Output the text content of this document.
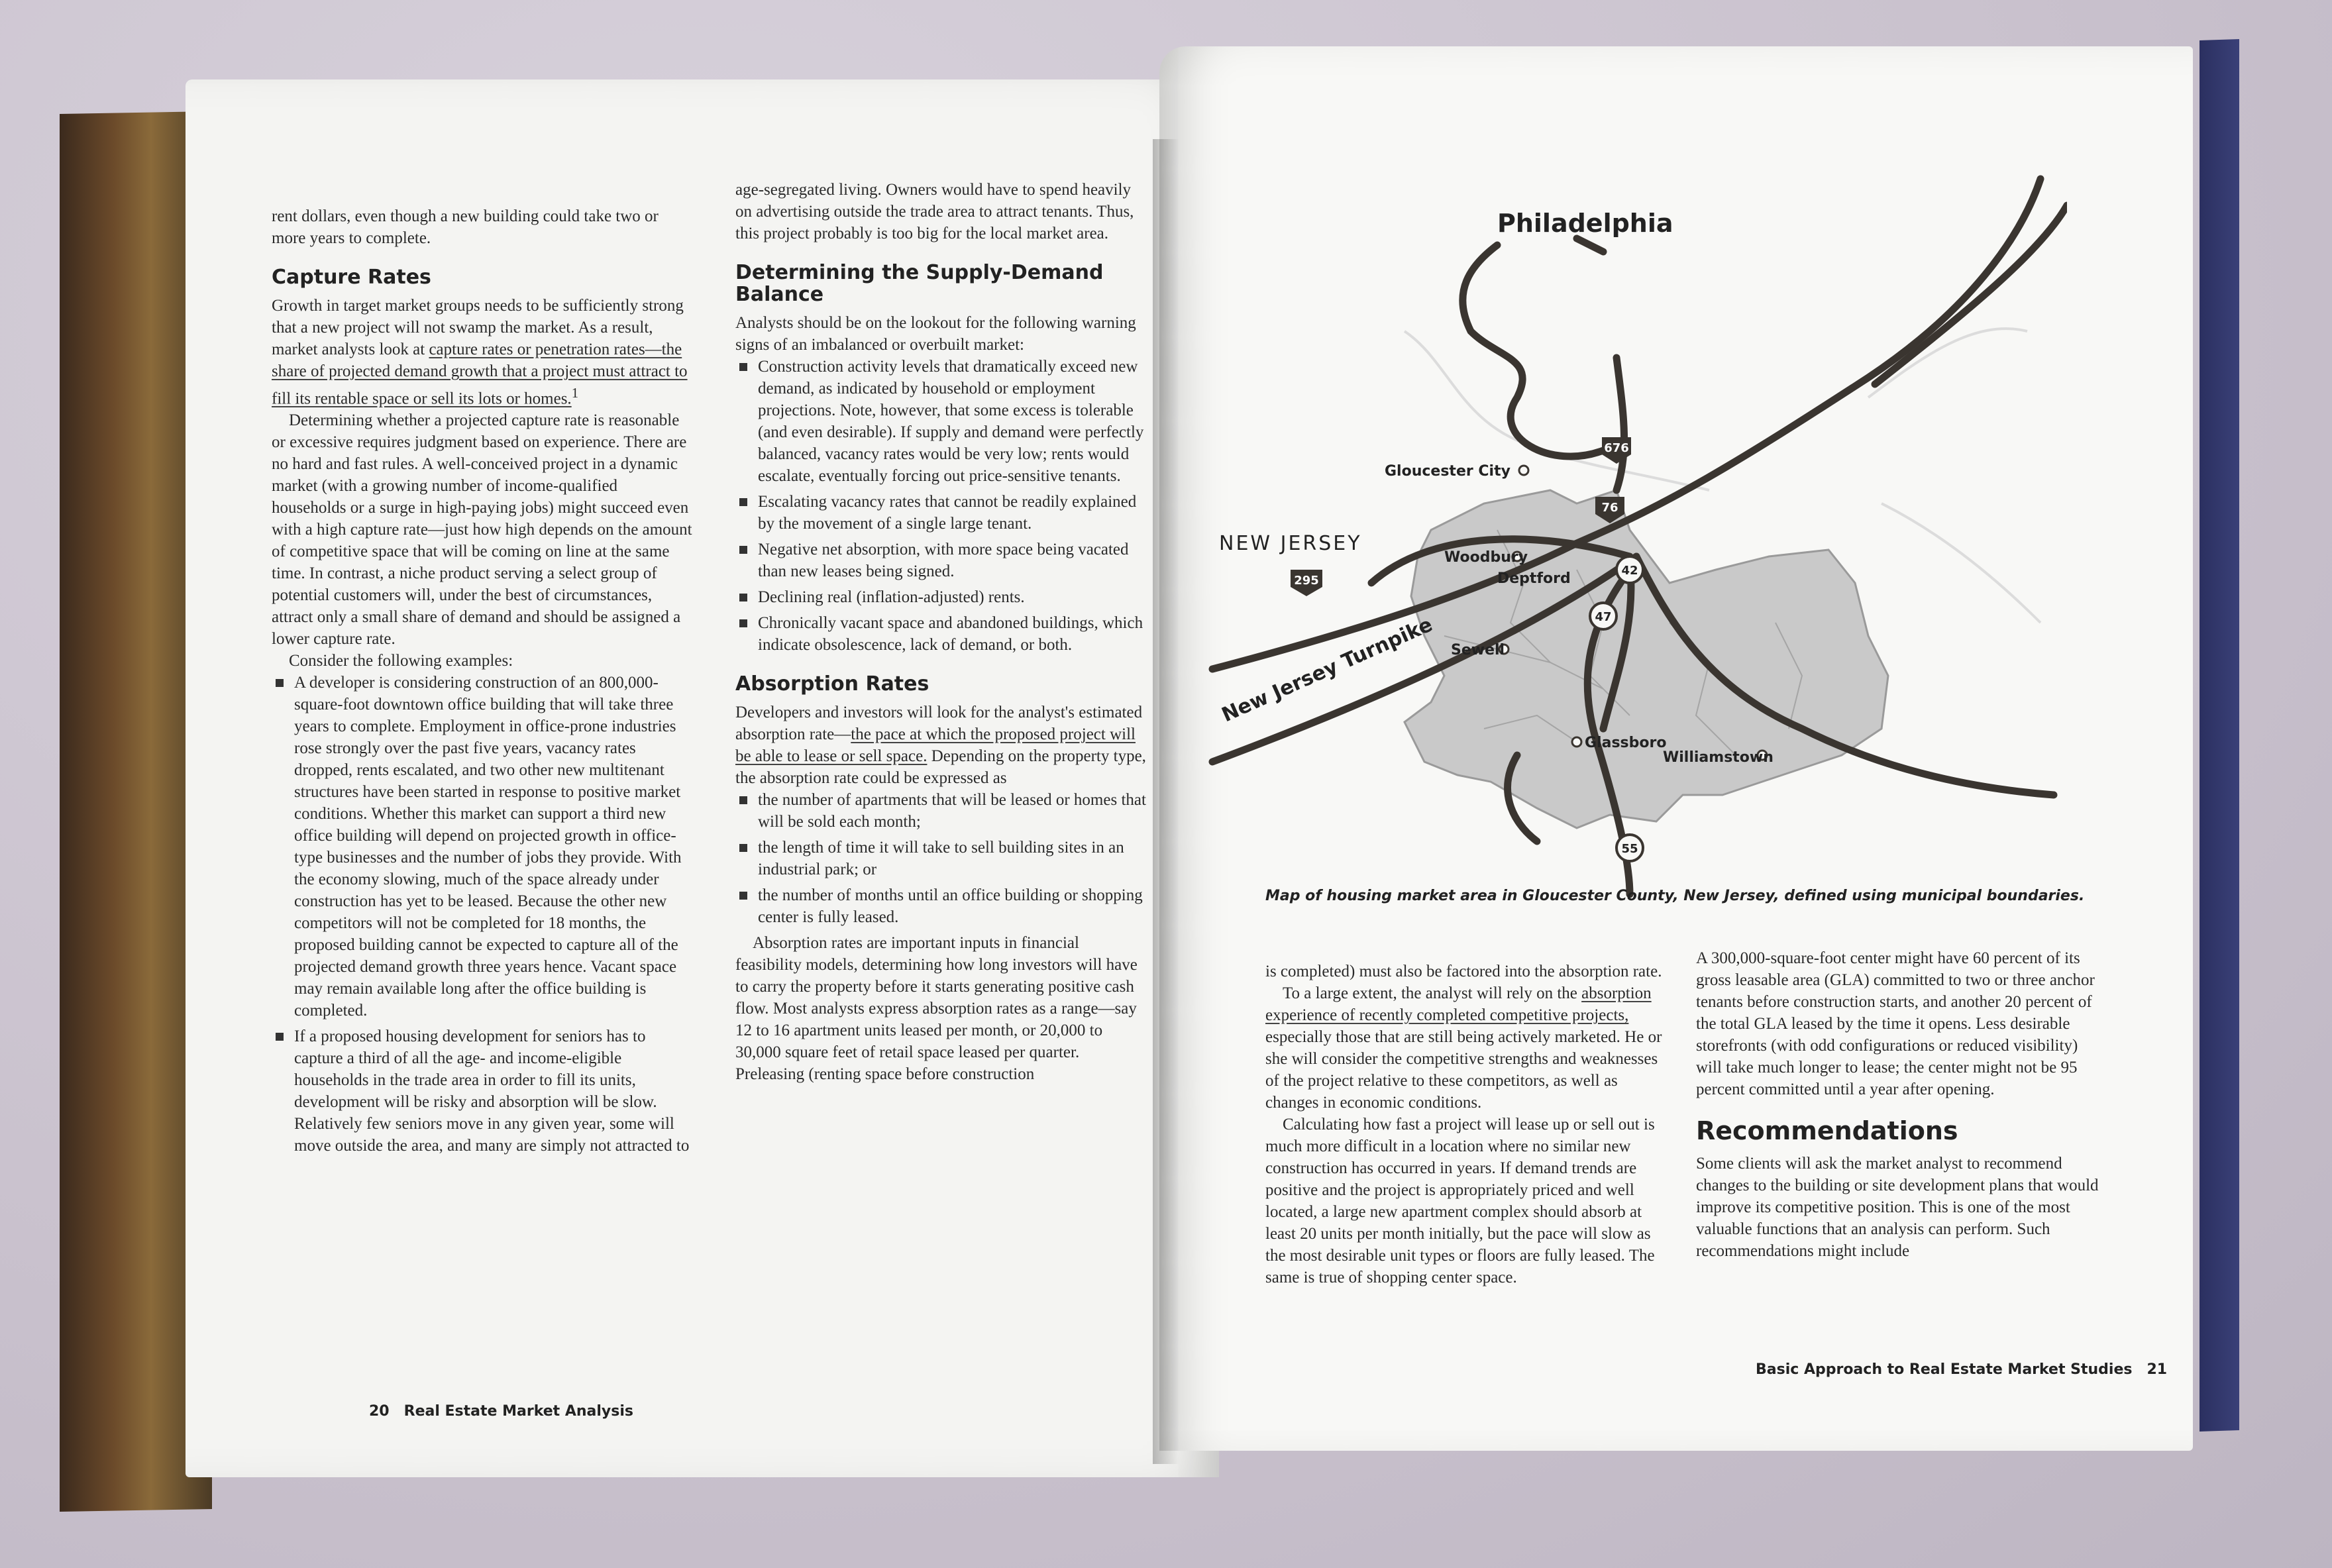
rent dollars, even though a new building could take two or more years to complete.

Capture Rates

Growth in target market groups needs to be sufficiently strong that a new project will not swamp the market. As a result, market analysts look at capture rates or penetration rates—the share of projected demand growth that a project must attract to fill its rentable space or sell its lots or homes.$^1$

Determining whether a projected capture rate is reasonable or excessive requires judgment based on experience. There are no hard and fast rules. A well-conceived project in a dynamic market (with a growing number of income-qualified households or a surge in high-paying jobs) might succeed even with a high capture rate—just how high depends on the amount of competitive space that will be coming on line at the same time. In contrast, a niche product serving a select group of potential customers will, under the best of circumstances, attract only a small share of demand and should be assigned a lower capture rate.

Consider the following examples:

A developer is considering construction of an 800,000-square-foot downtown office building that will take three years to complete. Employment in office-prone industries rose strongly over the past five years, vacancy rates dropped, rents escalated, and two other new multitenant structures have been started in response to positive market conditions. Whether this market can support a third new office building will depend on projected growth in office-type businesses and the number of jobs they provide. With the economy slowing, much of the space already under construction has yet to be leased. Because the other new competitors will not be completed for 18 months, the proposed building cannot be expected to capture all of the projected demand growth three years hence. Vacant space may remain available long after the office building is completed.
If a proposed housing development for seniors has to capture a third of all the age- and income-eligible households in the trade area in order to fill its units, development will be risky and absorption will be slow. Relatively few seniors move in any given year, some will move outside the area, and many are simply not attracted to

age-segregated living. Owners would have to spend heavily on advertising outside the trade area to attract tenants. Thus, this project probably is too big for the local market area.

Determining the Supply-Demand Balance

Analysts should be on the lookout for the following warning signs of an imbalanced or overbuilt market:

Construction activity levels that dramatically exceed new demand, as indicated by household or employment projections. Note, however, that some excess is tolerable (and even desirable). If supply and demand were perfectly balanced, vacancy rates would be very low; rents would escalate, eventually forcing out price-sensitive tenants.
Escalating vacancy rates that cannot be readily explained by the movement of a single large tenant.
Negative net absorption, with more space being vacated than new leases being signed.
Declining real (inflation-adjusted) rents.
Chronically vacant space and abandoned buildings, which indicate obsolescence, lack of demand, or both.
Absorption Rates

Developers and investors will look for the analyst's estimated absorption rate—the pace at which the proposed project will be able to lease or sell space. Depending on the property type, the absorption rate could be expressed as

the number of apartments that will be leased or homes that will be sold each month;
the length of time it will take to sell building sites in an industrial park; or
the number of months until an office building or shopping center is fully leased.

Absorption rates are important inputs in financial feasibility models, determining how long investors will have to carry the property before it starts generating positive cash flow. Most analysts express absorption rates as a range—say 12 to 16 apartment units leased per month, or 20,000 to 30,000 square feet of retail space leased per quarter. Preleasing (renting space before construction

20 Real Estate Market Analysis
676
76
295
42
47
55
Philadelphia
NEW JERSEY
New Jersey Turnpike
Gloucester City
Woodbury
Deptford
Sewell
Glassboro
Williamstown
Map of housing market area in Gloucester County, New Jersey, defined using municipal boundaries.

is completed) must also be factored into the absorption rate.

To a large extent, the analyst will rely on the absorption experience of recently completed competitive projects, especially those that are still being actively marketed. He or she will consider the competitive strengths and weaknesses of the project relative to these competitors, as well as changes in economic conditions.

Calculating how fast a project will lease up or sell out is much more difficult in a location where no similar new construction has occurred in years. If demand trends are positive and the project is appropriately priced and well located, a large new apartment complex should absorb at least 20 units per month initially, but the pace will slow as the most desirable unit types or floors are fully leased. The same is true of shopping center space.

A 300,000-square-foot center might have 60 percent of its gross leasable area (GLA) committed to two or three anchor tenants before construction starts, and another 20 percent of the total GLA leased by the time it opens. Less desirable storefronts (with odd configurations or reduced visibility) will take much longer to lease; the center might not be 95 percent committed until a year after opening.

Recommendations

Some clients will ask the market analyst to recommend changes to the building or site development plans that would improve its competitive position. This is one of the most valuable functions that an analysis can perform. Such recommendations might include

Basic Approach to Real Estate Market Studies 21
